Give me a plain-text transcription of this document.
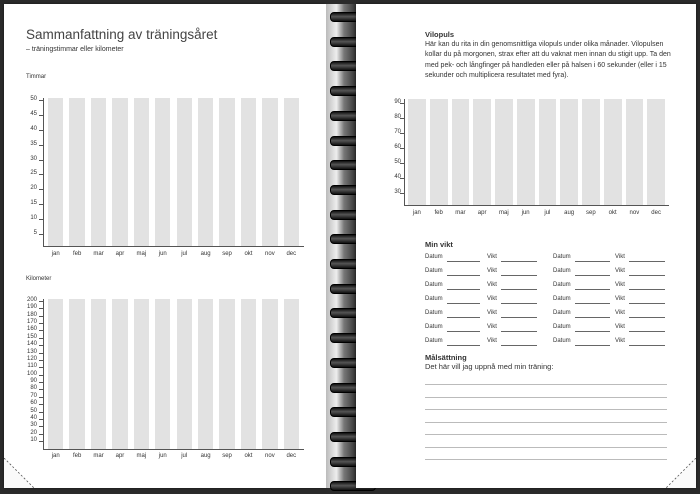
Sammanfattning av träningsåret
– träningstimmar eller kilometer
Timmar
jan	feb	mar	apr	maj	jun	jul	aug	sep	okt	nov	dec
50
45
40
35
30
25
20
15
10
5
Kilometer
jan	feb	mar	apr	maj	jun	jul	aug	sep	okt	nov	dec
200
190
180
170
160
150
140
130
120
110
100
90
80
70
60
50
40
30
20
10
Vilopuls
Här kan du rita in din genomsnittliga vilopuls under olika månader. Vilopulsen kollar du på morgonen, strax efter att du vaknat men innan du stigit upp. Ta den med pek- och långfinger på handleden eller på halsen i 60 sekunder (eller i 15 sekunder och multiplicera resultatet med fyra).
jan	feb	mar	apr	maj	jun	jul	aug	sep	okt	nov	dec
90
80
70
60
50
40
30
Min vikt
Datum	Vikt	Datum	Vikt
Datum	Vikt	Datum	Vikt
Datum	Vikt	Datum	Vikt
Datum	Vikt	Datum	Vikt
Datum	Vikt	Datum	Vikt
Datum	Vikt	Datum	Vikt
Datum	Vikt	Datum	Vikt
Målsättning
Det här vill jag uppnå med min träning:
